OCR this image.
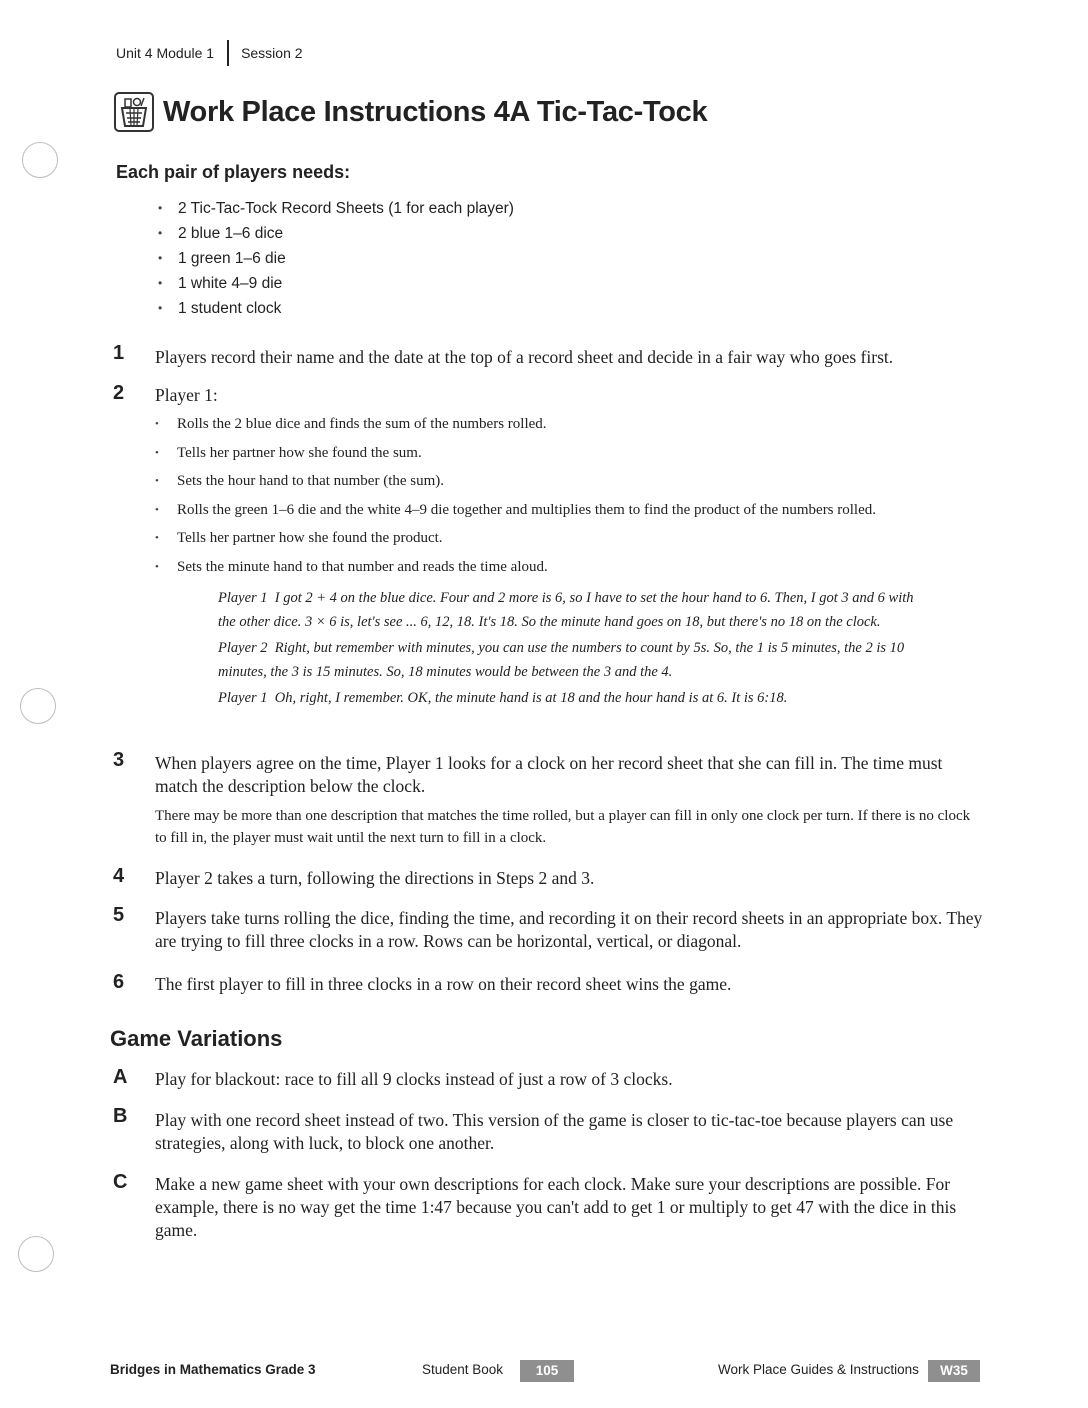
Unit 4 Module 1 Session 2
Work Place Instructions 4A Tic-Tac-Tock
Each pair of players needs:
•	2 Tic-Tac-Tock Record Sheets (1 for each player)
•	2 blue 1–6 dice
•	1 green 1–6 die
•	1 white 4–9 die
•	1 student clock
1 Players record their name and the date at the top of a record sheet and decide in a fair way who goes first.
2 Player 1:
•	Rolls the 2 blue dice and finds the sum of the numbers rolled.
•	Tells her partner how she found the sum.
•	Sets the hour hand to that number (the sum).
•	Rolls the green 1–6 die and the white 4–9 die together and multiplies them to find the product of the numbers rolled.
•	Tells her partner how she found the product.
•	Sets the minute hand to that number and reads the time aloud.

Player 1 I got 2 + 4 on the blue dice. Four and 2 more is 6, so I have to set the hour hand to 6. Then, I got 3 and 6 with the other dice. 3 × 6 is, let's see ... 6, 12, 18. It's 18. So the minute hand goes on 18, but there's no 18 on the clock.

Player 2 Right, but remember with minutes, you can use the numbers to count by 5s. So, the 1 is 5 minutes, the 2 is 10 minutes, the 3 is 15 minutes. So, 18 minutes would be between the 3 and the 4.

Player 1 Oh, right, I remember. OK, the minute hand is at 18 and the hour hand is at 6. It is 6:18.

3 When players agree on the time, Player 1 looks for a clock on her record sheet that she can fill in. The time must match the description below the clock.
There may be more than one description that matches the time rolled, but a player can fill in only one clock per turn. If there is no clock to fill in, the player must wait until the next turn to fill in a clock.
4 Player 2 takes a turn, following the directions in Steps 2 and 3.
5 Players take turns rolling the dice, finding the time, and recording it on their record sheets in an appropriate box. They are trying to fill three clocks in a row. Rows can be horizontal, vertical, or diagonal.
6 The first player to fill in three clocks in a row on their record sheet wins the game.
Game Variations
A Play for blackout: race to fill all 9 clocks instead of just a row of 3 clocks.
B Play with one record sheet instead of two. This version of the game is closer to tic-tac-toe because players can use strategies, along with luck, to block one another.
C Make a new game sheet with your own descriptions for each clock. Make sure your descriptions are possible. For example, there is no way get the time 1:47 because you can't add to get 1 or multiply to get 47 with the dice in this game.
Bridges in Mathematics Grade 3	Student Book	105	Work Place Guides & Instructions	W35
